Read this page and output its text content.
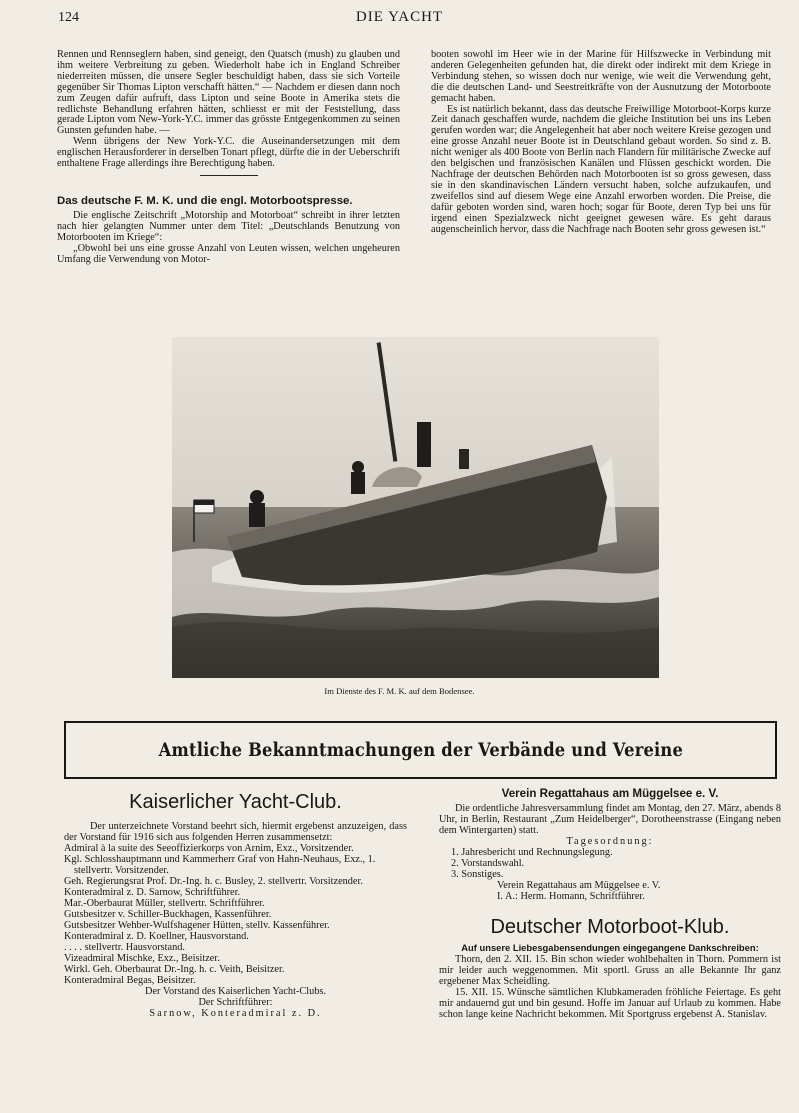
124	DIE YACHT

Rennen und Rennseglern haben, sind geneigt, den Quatsch (mush) zu glauben und ihm weitere Verbreitung zu geben. Wiederholt habe ich in England Schreiber niederreiten müssen, die unsere Segler beschuldigt haben, dass sie sich Vorteile gegenüber Sir Thomas Lipton verschafft hätten.“ — Nachdem er diesen dann noch zum Zeugen dafür aufruft, dass Lipton und seine Boote in Amerika stets die redlichste Behandlung erfahren hätten, schliesst er mit der Feststellung, dass gerade Lipton vom New-York-Y.C. immer das grösste Entgegenkommen zu seinen Gunsten gefunden habe. —

Wenn übrigens der New York-Y.C. die Auseinandersetzungen mit dem englischen Herausforderer in derselben Tonart pflegt, dürfte die in der Ueberschrift enthaltene Frage allerdings ihre Berechtigung haben.

Das deutsche F. M. K. und die engl. Motorbootspresse.

Die englische Zeitschrift „Motorship and Motorboat“ schreibt in ihrer letzten nach hier gelangten Nummer unter dem Titel: „Deutschlands Benutzung von Motorbooten im Kriege“:

„Obwohl bei uns eine grosse Anzahl von Leuten wissen, welchen ungeheuren Umfang die Verwendung von Motor-

booten sowohl im Heer wie in der Marine für Hilfszwecke in Verbindung mit anderen Gelegenheiten gefunden hat, die direkt oder indirekt mit dem Kriege in Verbindung stehen, so wissen doch nur wenige, wie weit die Verwendung geht, die die deutschen Land- und Seestreitkräfte von der Ausnutzung der Motorboote gemacht haben.

Es ist natürlich bekannt, dass das deutsche Freiwillige Motorboot-Korps kurze Zeit danach geschaffen wurde, nachdem die gleiche Institution bei uns ins Leben gerufen worden war; die Angelegenheit hat aber noch weitere Kreise gezogen und eine grosse Anzahl neuer Boote ist in Deutschland gebaut worden. So sind z. B. nicht weniger als 400 Boote von Berlin nach Flandern für militärische Zwecke auf den belgischen und französischen Kanälen und Flüssen geschickt worden. Die Nachfrage der deutschen Behörden nach Motorbooten ist so gross gewesen, dass sie in den skandinavischen Ländern versucht haben, solche aufzukaufen, und zweifellos sind auf diesem Wege eine Anzahl erworben worden. Die Preise, die dafür geboten worden sind, waren hoch; sogar für Boote, deren Typ bei uns für irgend einen Spezialzweck nicht geeignet gewesen wäre. Es geht daraus augenscheinlich hervor, dass die Nachfrage nach Booten sehr gross gewesen ist.“

Im Dienste des F. M. K. auf dem Bodensee.
Amtliche Bekanntmachungen der Verbände und Vereine
Kaiserlicher Yacht-Club.

Der unterzeichnete Vorstand beehrt sich, hiermit ergebenst anzuzeigen, dass der Vorstand für 1916 sich aus folgenden Herren zusammensetzt:

Admiral à la suite des Seeoffizierkorps von Arnim, Exz., Vorsitzender.

Kgl. Schlosshauptmann und Kammerherr Graf von Hahn-Neuhaus, Exz., 1. stellvertr. Vorsitzender.

Geh. Regierungsrat Prof. Dr.-Ing. h. c. Busley, 2. stellvertr. Vorsitzender.

Konteradmiral z. D. Sarnow, Schriftführer.

Mar.-Oberbaurat Müller, stellvertr. Schriftführer.

Gutsbesitzer v. Schiller-Buckhagen, Kassenführer.

Gutsbesitzer Wehber-Wulfshagener Hütten, stellv. Kassenführer.

Konteradmiral z. D. Koellner, Hausvorstand.

. . . . stellvertr. Hausvorstand.

Vizeadmiral Mischke, Exz., Beisitzer.

Wirkl. Geh. Oberbaurat Dr.-Ing. h. c. Veith, Beisitzer.

Konteradmiral Begas, Beisitzer.

Der Vorstand des Kaiserlichen Yacht-Clubs.

Der Schriftführer:

Sarnow, Konteradmiral z. D.

Verein Regattahaus am Müggelsee e. V.

Die ordentliche Jahresversammlung findet am Montag, den 27. März, abends 8 Uhr, in Berlin, Restaurant „Zum Heidelberger“, Dorotheenstrasse (Eingang neben dem Wintergarten) statt.

Tagesordnung:

1. Jahresbericht und Rechnungslegung.

2. Vorstandswahl.

3. Sonstiges.

Verein Regattahaus am Müggelsee e. V.

I. A.: Herm. Homann, Schriftführer.

Deutscher Motorboot-Klub.
Auf unsere Liebesgabensendungen eingegangene Dankschreiben:

Thorn, den 2. XII. 15. Bin schon wieder wohlbehalten in Thorn. Pommern ist mir leider auch weggenommen. Mit sportl. Gruss an alle Bekannte Ihr ganz ergebener Max Scheidling.

15. XII. 15. Wünsche sämtlichen Klubkameraden fröhliche Feiertage. Es geht mir andauernd gut und bin gesund. Hoffe im Januar auf Urlaub zu kommen. Habe schon lange keine Nachricht bekommen. Mit Sportgruss ergebenst A. Stanislav.
